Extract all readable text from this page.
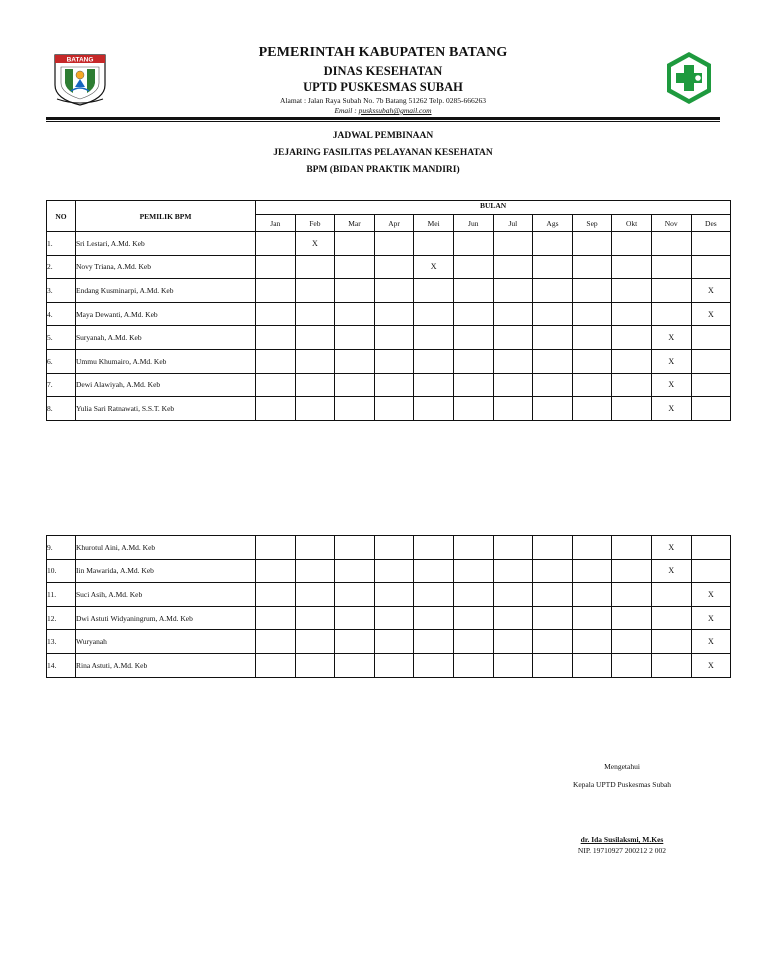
BATANG
PEMERINTAH KABUPATEN BATANG
DINAS KESEHATAN
UPTD PUSKESMAS SUBAH
Alamat : Jalan Raya Subah No. 7b Batang 51262 Telp. 0285-666263
Email : puskssubah@gmail.com
JADWAL PEMBINAAN
JEJARING FASILITAS PELAYANAN KESEHATAN
BPM (BIDAN PRAKTIK MANDIRI)
NO	PEMILIK BPM	BULAN											
		Jan	Feb	Mar	Apr	Mei	Jun	Jul	Ags	Sep	Okt	Nov	Des
1.	Sri Lestari, A.Md. Keb		X										
2.	Novy Triana, A.Md. Keb					X							
3.	Endang Kusminarpi, A.Md. Keb												X
4.	Maya Dewanti, A.Md. Keb												X
5.	Suryanah, A.Md. Keb											X	
6.	Ummu Khumairo, A.Md. Keb											X	
7.	Dewi Alawiyah, A.Md. Keb											X	
8.	Yulia Sari Ratnawati, S.S.T. Keb											X	
9.	Khurotul Aini, A.Md. Keb											X	
10.	Iin Mawarida, A.Md. Keb											X	
11.	Suci Asih, A.Md. Keb												X
12.	Dwi Astuti Widyaningrum, A.Md. Keb												X
13.	Wuryanah												X
14.	Rina Astuti, A.Md. Keb												X
Mengetahui
Kepala UPTD Puskesmas Subah
dr. Ida Susilaksmi, M.Kes
NIP. 19710927 200212 2 002
